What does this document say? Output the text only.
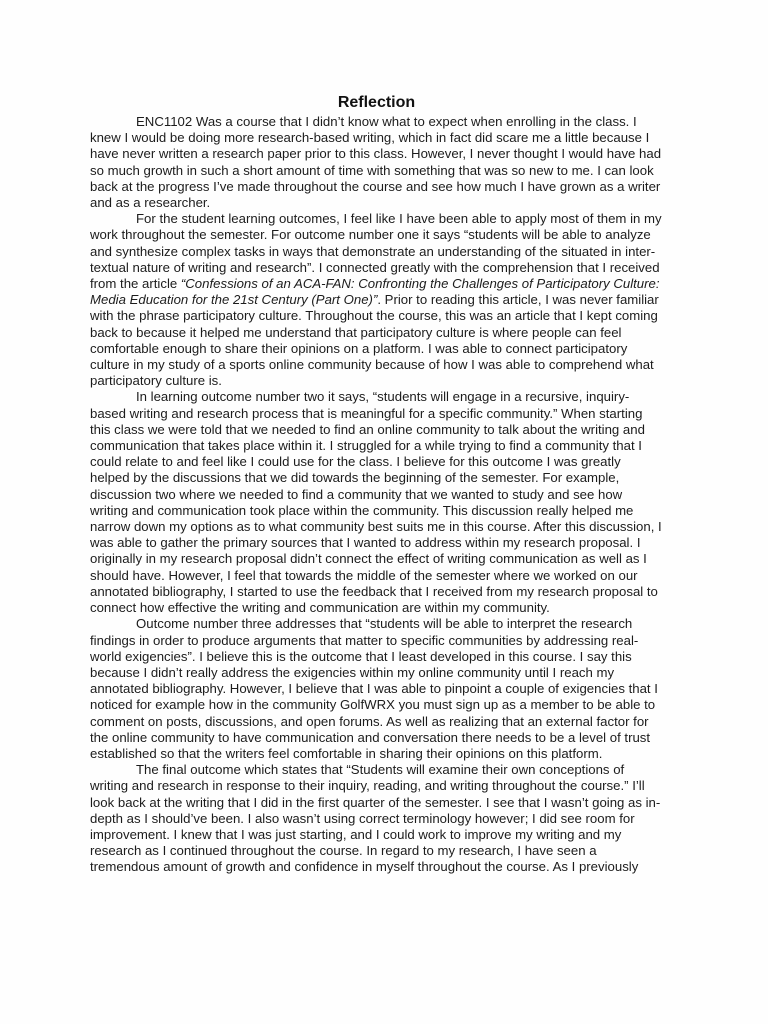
Reflection

ENC1102 Was a course that I didn’t know what to expect when enrolling in the class. I knew I would be doing more research-based writing, which in fact did scare me a little because I have never written a research paper prior to this class. However, I never thought I would have had so much growth in such a short amount of time with something that was so new to me. I can look back at the progress I’ve made throughout the course and see how much I have grown as a writer and as a researcher.

For the student learning outcomes, I feel like I have been able to apply most of them in my work throughout the semester. For outcome number one it says “students will be able to analyze and synthesize complex tasks in ways that demonstrate an understanding of the situated in inter-textual nature of writing and research”. I connected greatly with the comprehension that I received from the article “Confessions of an ACA-FAN: Confronting the Challenges of Participatory Culture: Media Education for the 21st Century (Part One)”. Prior to reading this article, I was never familiar with the phrase participatory culture. Throughout the course, this was an article that I kept coming back to because it helped me understand that participatory culture is where people can feel comfortable enough to share their opinions on a platform. I was able to connect participatory culture in my study of a sports online community because of how I was able to comprehend what participatory culture is.

In learning outcome number two it says, “students will engage in a recursive, inquiry-based writing and research process that is meaningful for a specific community.” When starting this class we were told that we needed to find an online community to talk about the writing and communication that takes place within it. I struggled for a while trying to find a community that I could relate to and feel like I could use for the class. I believe for this outcome I was greatly helped by the discussions that we did towards the beginning of the semester. For example, discussion two where we needed to find a community that we wanted to study and see how writing and communication took place within the community. This discussion really helped me narrow down my options as to what community best suits me in this course. After this discussion, I was able to gather the primary sources that I wanted to address within my research proposal. I originally in my research proposal didn’t connect the effect of writing communication as well as I should have. However, I feel that towards the middle of the semester where we worked on our annotated bibliography, I started to use the feedback that I received from my research proposal to connect how effective the writing and communication are within my community.

Outcome number three addresses that “students will be able to interpret the research findings in order to produce arguments that matter to specific communities by addressing real-world exigencies”. I believe this is the outcome that I least developed in this course. I say this because I didn’t really address the exigencies within my online community until I reach my annotated bibliography. However, I believe that I was able to pinpoint a couple of exigencies that I noticed for example how in the community GolfWRX you must sign up as a member to be able to comment on posts, discussions, and open forums. As well as realizing that an external factor for the online community to have communication and conversation there needs to be a level of trust established so that the writers feel comfortable in sharing their opinions on this platform.

The final outcome which states that “Students will examine their own conceptions of writing and research in response to their inquiry, reading, and writing throughout the course.” I’ll look back at the writing that I did in the first quarter of the semester. I see that I wasn’t going as in-depth as I should’ve been. I also wasn’t using correct terminology however; I did see room for improvement. I knew that I was just starting, and I could work to improve my writing and my research as I continued throughout the course. In regard to my research, I have seen a tremendous amount of growth and confidence in myself throughout the course. As I previously
